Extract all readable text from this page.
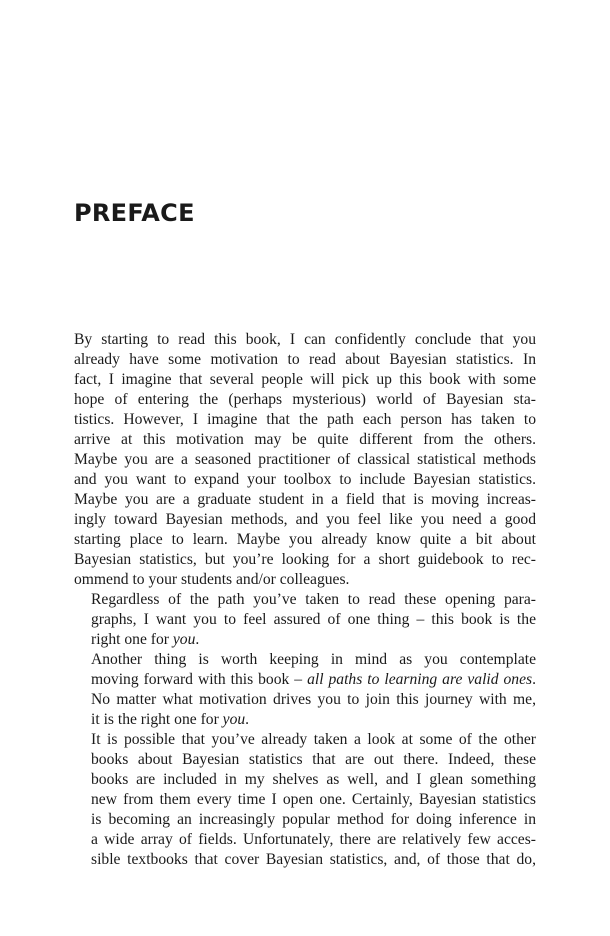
PREFACE

By starting to read this book, I can confidently conclude that you
already have some motivation to read about Bayesian statistics. In
fact, I imagine that several people will pick up this book with some
hope of entering the (perhaps mysterious) world of Bayesian sta-
tistics. However, I imagine that the path each person has taken to
arrive at this motivation may be quite different from the others.
Maybe you are a seasoned practitioner of classical statistical methods
and you want to expand your toolbox to include Bayesian statistics.
Maybe you are a graduate student in a field that is moving increas-
ingly toward Bayesian methods, and you feel like you need a good
starting place to learn. Maybe you already know quite a bit about
Bayesian statistics, but you’re looking for a short guidebook to rec-
ommend to your students and/or colleagues.

Regardless of the path you’ve taken to read these opening para-
graphs, I want you to feel assured of one thing – this book is the
right one for you.

Another thing is worth keeping in mind as you contemplate
moving forward with this book – all paths to learning are valid ones.
No matter what motivation drives you to join this journey with me,
it is the right one for you.

It is possible that you’ve already taken a look at some of the other
books about Bayesian statistics that are out there. Indeed, these
books are included in my shelves as well, and I glean something
new from them every time I open one. Certainly, Bayesian statistics
is becoming an increasingly popular method for doing inference in
a wide array of fields. Unfortunately, there are relatively few acces-
sible textbooks that cover Bayesian statistics, and, of those that do,
